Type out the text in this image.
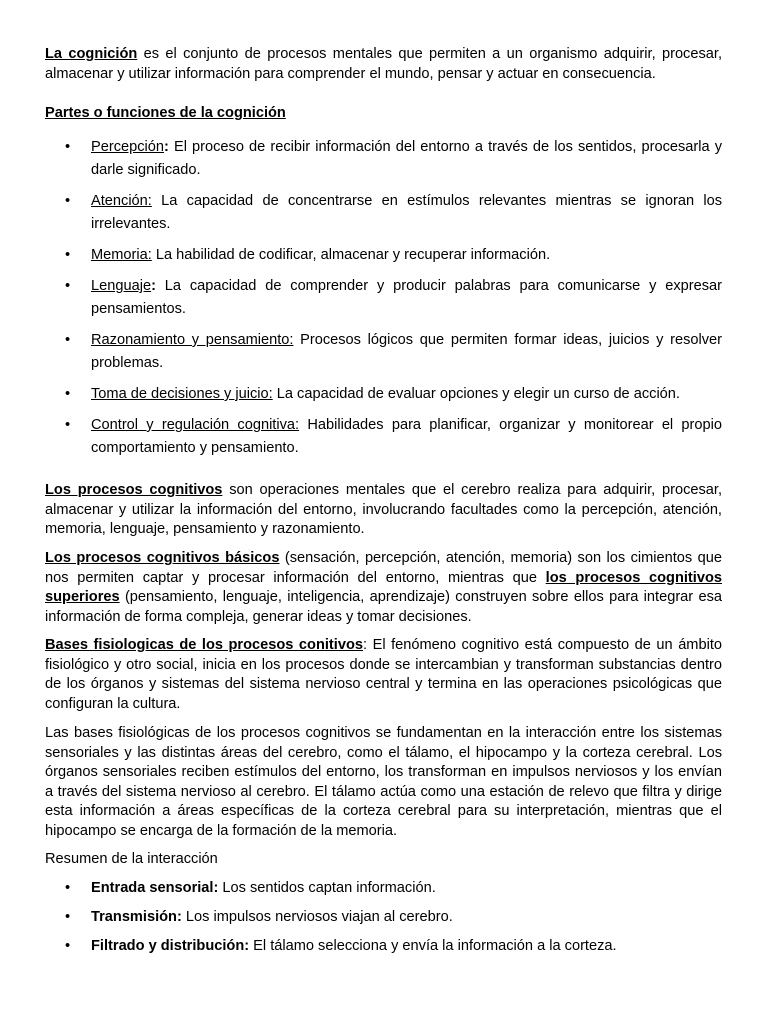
La cognición es el conjunto de procesos mentales que permiten a un organismo adquirir, procesar, almacenar y utilizar información para comprender el mundo, pensar y actuar en consecuencia.

Partes o funciones de la cognición

• Percepción: El proceso de recibir información del entorno a través de los sentidos, procesarla y darle significado.
• Atención: La capacidad de concentrarse en estímulos relevantes mientras se ignoran los irrelevantes.
• Memoria: La habilidad de codificar, almacenar y recuperar información.
• Lenguaje: La capacidad de comprender y producir palabras para comunicarse y expresar pensamientos.
• Razonamiento y pensamiento: Procesos lógicos que permiten formar ideas, juicios y resolver problemas.
• Toma de decisiones y juicio: La capacidad de evaluar opciones y elegir un curso de acción.
• Control y regulación cognitiva: Habilidades para planificar, organizar y monitorear el propio comportamiento y pensamiento.

Los procesos cognitivos son operaciones mentales que el cerebro realiza para adquirir, procesar, almacenar y utilizar la información del entorno, involucrando facultades como la percepción, atención, memoria, lenguaje, pensamiento y razonamiento.

Los procesos cognitivos básicos (sensación, percepción, atención, memoria) son los cimientos que nos permiten captar y procesar información del entorno, mientras que los procesos cognitivos superiores (pensamiento, lenguaje, inteligencia, aprendizaje) construyen sobre ellos para integrar esa información de forma compleja, generar ideas y tomar decisiones.

Bases fisiologicas de los procesos conitivos: El fenómeno cognitivo está compuesto de un ámbito fisiológico y otro social, inicia en los procesos donde se intercambian y transforman substancias dentro de los órganos y sistemas del sistema nervioso central y termina en las operaciones psicológicas que configuran la cultura.

Las bases fisiológicas de los procesos cognitivos se fundamentan en la interacción entre los sistemas sensoriales y las distintas áreas del cerebro, como el tálamo, el hipocampo y la corteza cerebral. Los órganos sensoriales reciben estímulos del entorno, los transforman en impulsos nerviosos y los envían a través del sistema nervioso al cerebro. El tálamo actúa como una estación de relevo que filtra y dirige esta información a áreas específicas de la corteza cerebral para su interpretación, mientras que el hipocampo se encarga de la formación de la memoria.

Resumen de la interacción

• Entrada sensorial: Los sentidos captan información.
• Transmisión: Los impulsos nerviosos viajan al cerebro.
• Filtrado y distribución: El tálamo selecciona y envía la información a la corteza.
